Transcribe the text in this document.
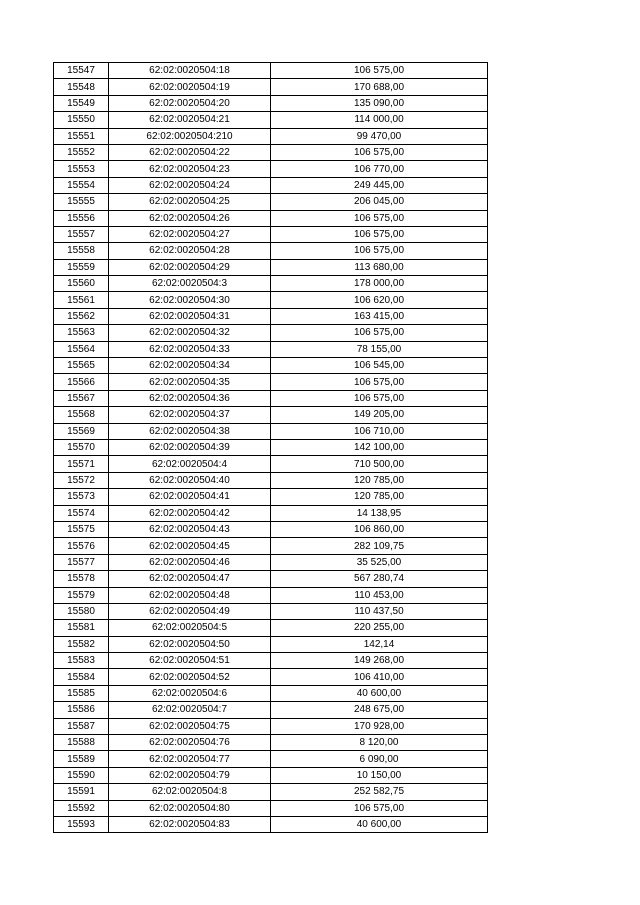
15547	62:02:0020504:18	106 575,00
15548	62:02:0020504:19	170 688,00
15549	62:02:0020504:20	135 090,00
15550	62:02:0020504:21	114 000,00
15551	62:02:0020504:210	99 470,00
15552	62:02:0020504:22	106 575,00
15553	62:02:0020504:23	106 770,00
15554	62:02:0020504:24	249 445,00
15555	62:02:0020504:25	206 045,00
15556	62:02:0020504:26	106 575,00
15557	62:02:0020504:27	106 575,00
15558	62:02:0020504:28	106 575,00
15559	62:02:0020504:29	113 680,00
15560	62:02:0020504:3	178 000,00
15561	62:02:0020504:30	106 620,00
15562	62:02:0020504:31	163 415,00
15563	62:02:0020504:32	106 575,00
15564	62:02:0020504:33	78 155,00
15565	62:02:0020504:34	106 545,00
15566	62:02:0020504:35	106 575,00
15567	62:02:0020504:36	106 575,00
15568	62:02:0020504:37	149 205,00
15569	62:02:0020504:38	106 710,00
15570	62:02:0020504:39	142 100,00
15571	62:02:0020504:4	710 500,00
15572	62:02:0020504:40	120 785,00
15573	62:02:0020504:41	120 785,00
15574	62:02:0020504:42	14 138,95
15575	62:02:0020504:43	106 860,00
15576	62:02:0020504:45	282 109,75
15577	62:02:0020504:46	35 525,00
15578	62:02:0020504:47	567 280,74
15579	62:02:0020504:48	110 453,00
15580	62:02:0020504:49	110 437,50
15581	62:02:0020504:5	220 255,00
15582	62:02:0020504:50	142,14
15583	62:02:0020504:51	149 268,00
15584	62:02:0020504:52	106 410,00
15585	62:02:0020504:6	40 600,00
15586	62:02:0020504:7	248 675,00
15587	62:02:0020504:75	170 928,00
15588	62:02:0020504:76	8 120,00
15589	62:02:0020504:77	6 090,00
15590	62:02:0020504:79	10 150,00
15591	62:02:0020504:8	252 582,75
15592	62:02:0020504:80	106 575,00
15593	62:02:0020504:83	40 600,00
